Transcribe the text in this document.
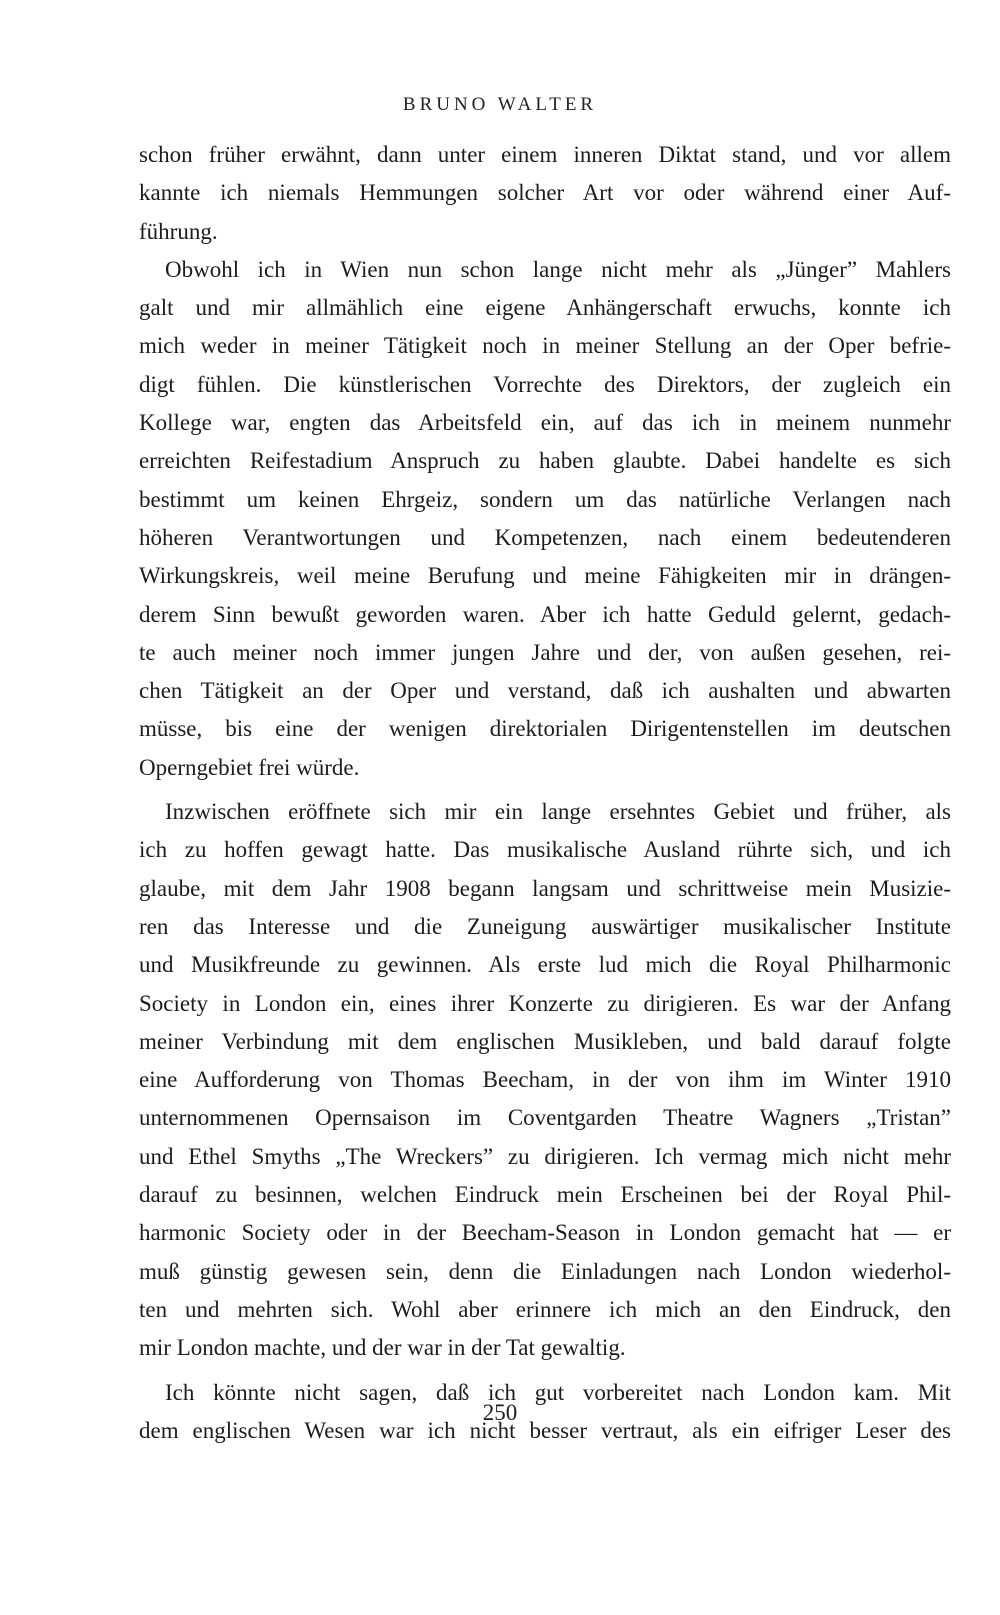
BRUNO WALTER
schon früher erwähnt, dann unter einem inneren Diktat stand, und vor allem
kannte ich niemals Hemmungen solcher Art vor oder während einer Auf-
führung.
Obwohl ich in Wien nun schon lange nicht mehr als „Jünger” Mahlers
galt und mir allmählich eine eigene Anhängerschaft erwuchs, konnte ich
mich weder in meiner Tätigkeit noch in meiner Stellung an der Oper befrie-
digt fühlen. Die künstlerischen Vorrechte des Direktors, der zugleich ein
Kollege war, engten das Arbeitsfeld ein, auf das ich in meinem nunmehr
erreichten Reifestadium Anspruch zu haben glaubte. Dabei handelte es sich
bestimmt um keinen Ehrgeiz, sondern um das natürliche Verlangen nach
höheren Verantwortungen und Kompetenzen, nach einem bedeutenderen
Wirkungskreis, weil meine Berufung und meine Fähigkeiten mir in drängen-
derem Sinn bewußt geworden waren. Aber ich hatte Geduld gelernt, gedach-
te auch meiner noch immer jungen Jahre und der, von außen gesehen, rei-
chen Tätigkeit an der Oper und verstand, daß ich aushalten und abwarten
müsse, bis eine der wenigen direktorialen Dirigentenstellen im deutschen
Operngebiet frei würde.
Inzwischen eröffnete sich mir ein lange ersehntes Gebiet und früher, als
ich zu hoffen gewagt hatte. Das musikalische Ausland rührte sich, und ich
glaube, mit dem Jahr 1908 begann langsam und schrittweise mein Musizie-
ren das Interesse und die Zuneigung auswärtiger musikalischer Institute
und Musikfreunde zu gewinnen. Als erste lud mich die Royal Philharmonic
Society in London ein, eines ihrer Konzerte zu dirigieren. Es war der Anfang
meiner Verbindung mit dem englischen Musikleben, und bald darauf folgte
eine Aufforderung von Thomas Beecham, in der von ihm im Winter 1910
unternommenen Opernsaison im Coventgarden Theatre Wagners „Tristan”
und Ethel Smyths „The Wreckers” zu dirigieren. Ich vermag mich nicht mehr
darauf zu besinnen, welchen Eindruck mein Erscheinen bei der Royal Phil-
harmonic Society oder in der Beecham-Season in London gemacht hat — er
muß günstig gewesen sein, denn die Einladungen nach London wiederhol-
ten und mehrten sich. Wohl aber erinnere ich mich an den Eindruck, den
mir London machte, und der war in der Tat gewaltig.
Ich könnte nicht sagen, daß ich gut vorbereitet nach London kam. Mit
dem englischen Wesen war ich nicht besser vertraut, als ein eifriger Leser des
250
